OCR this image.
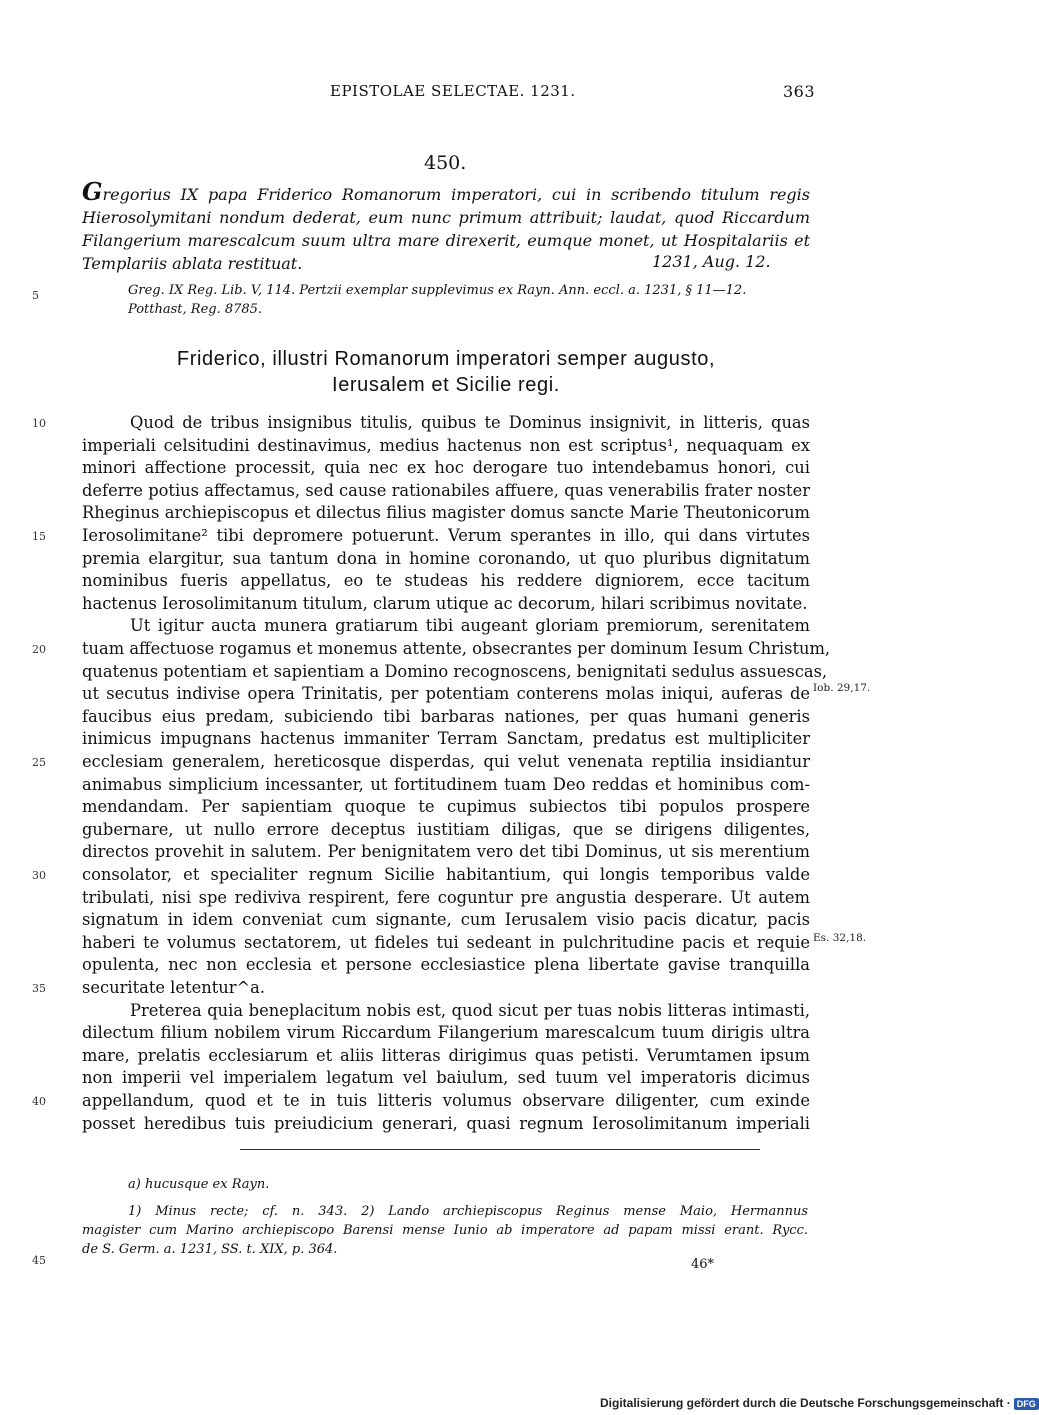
EPISTOLAE SELECTAE. 1231.	363
450.
Gregorius IX papa Friderico Romanorum imperatori, cui in scribendo titulum regis
Hierosolymitani nondum dederat, eum nunc primum attribuit; laudat, quod Riccardum
Filangerium marescalcum suum ultra mare direxerit, eumque monet, ut Hospitalariis et
Templariis ablata restituat.	1231, Aug. 12.
Greg. IX Reg. Lib. V, 114. Pertzii exemplar supplevimus ex Rayn. Ann. eccl. a. 1231, § 11—12.
Potthast, Reg. 8785.
Friderico, illustri Romanorum imperatori semper augusto,
Ierusalem et Sicilie regi.
Quod de tribus insignibus titulis, quibus te Dominus insignivit, in litteris, quas
imperiali celsitudini destinavimus, medius hactenus non est scriptus¹, nequaquam ex
minori affectione processit, quia nec ex hoc derogare tuo intendebamus honori, cui
deferre potius affectamus, sed cause rationabiles affuere, quas venerabilis frater noster
Rheginus archiepiscopus et dilectus filius magister domus sancte Marie Theutonicorum
Ierosolimitane² tibi depromere potuerunt. Verum sperantes in illo, qui dans virtutes
premia elargitur, sua tantum dona in homine coronando, ut quo pluribus dignitatum
nominibus fueris appellatus, eo te studeas his reddere digniorem, ecce tacitum
hactenus Ierosolimitanum titulum, clarum utique ac decorum, hilari scribimus novitate.
Ut igitur aucta munera gratiarum tibi augeant gloriam premiorum, serenitatem
tuam affectuose rogamus et monemus attente, obsecrantes per dominum Iesum Christum,
quatenus potentiam et sapientiam a Domino recognoscens, benignitati sedulus assuescas,
ut secutus indivise opera Trinitatis, per potentiam conterens molas iniqui, auferas de
faucibus eius predam, subiciendo tibi barbaras nationes, per quas humani generis
inimicus impugnans hactenus immaniter Terram Sanctam, predatus est multipliciter
ecclesiam generalem, hereticosque disperdas, qui velut venenata reptilia insidiantur
animabus simplicium incessanter, ut fortitudinem tuam Deo reddas et hominibus com-
mendandam. Per sapientiam quoque te cupimus subiectos tibi populos prospere
gubernare, ut nullo errore deceptus iustitiam diligas, que se dirigens diligentes,
directos provehit in salutem. Per benignitatem vero det tibi Dominus, ut sis merentium
consolator, et specialiter regnum Sicilie habitantium, qui longis temporibus valde
tribulati, nisi spe rediviva respirent, fere coguntur pre angustia desperare. Ut autem
signatum in idem conveniat cum signante, cum Ierusalem visio pacis dicatur, pacis
haberi te volumus sectatorem, ut fideles tui sedeant in pulchritudine pacis et requie
opulenta, nec non ecclesia et persone ecclesiastice plena libertate gavise tranquilla
securitate letentur^a.
Preterea quia beneplacitum nobis est, quod sicut per tuas nobis litteras intimasti,
dilectum filium nobilem virum Riccardum Filangerium marescalcum tuum dirigis ultra
mare, prelatis ecclesiarum et aliis litteras dirigimus quas petisti. Verumtamen ipsum
non imperii vel imperialem legatum vel baiulum, sed tuum vel imperatoris dicimus
appellandum, quod et te in tuis litteris volumus observare diligenter, cum exinde
posset heredibus tuis preiudicium generari, quasi regnum Ierosolimitanum imperiali
5
10
15
20
25
30
35
40
45
Iob. 29,17.
Es. 32,18.
a) hucusque ex Rayn.
1) Minus recte; cf. n. 343. 2) Lando archiepiscopus Reginus mense Maio, Hermannus
magister cum Marino archiepiscopo Barensi mense Iunio ab imperatore ad papam missi erant. Rycc.
de S. Germ. a. 1231, SS. t. XIX, p. 364.
46*
Digitalisierung gefördert durch die Deutsche Forschungsgemeinschaft · DFG
